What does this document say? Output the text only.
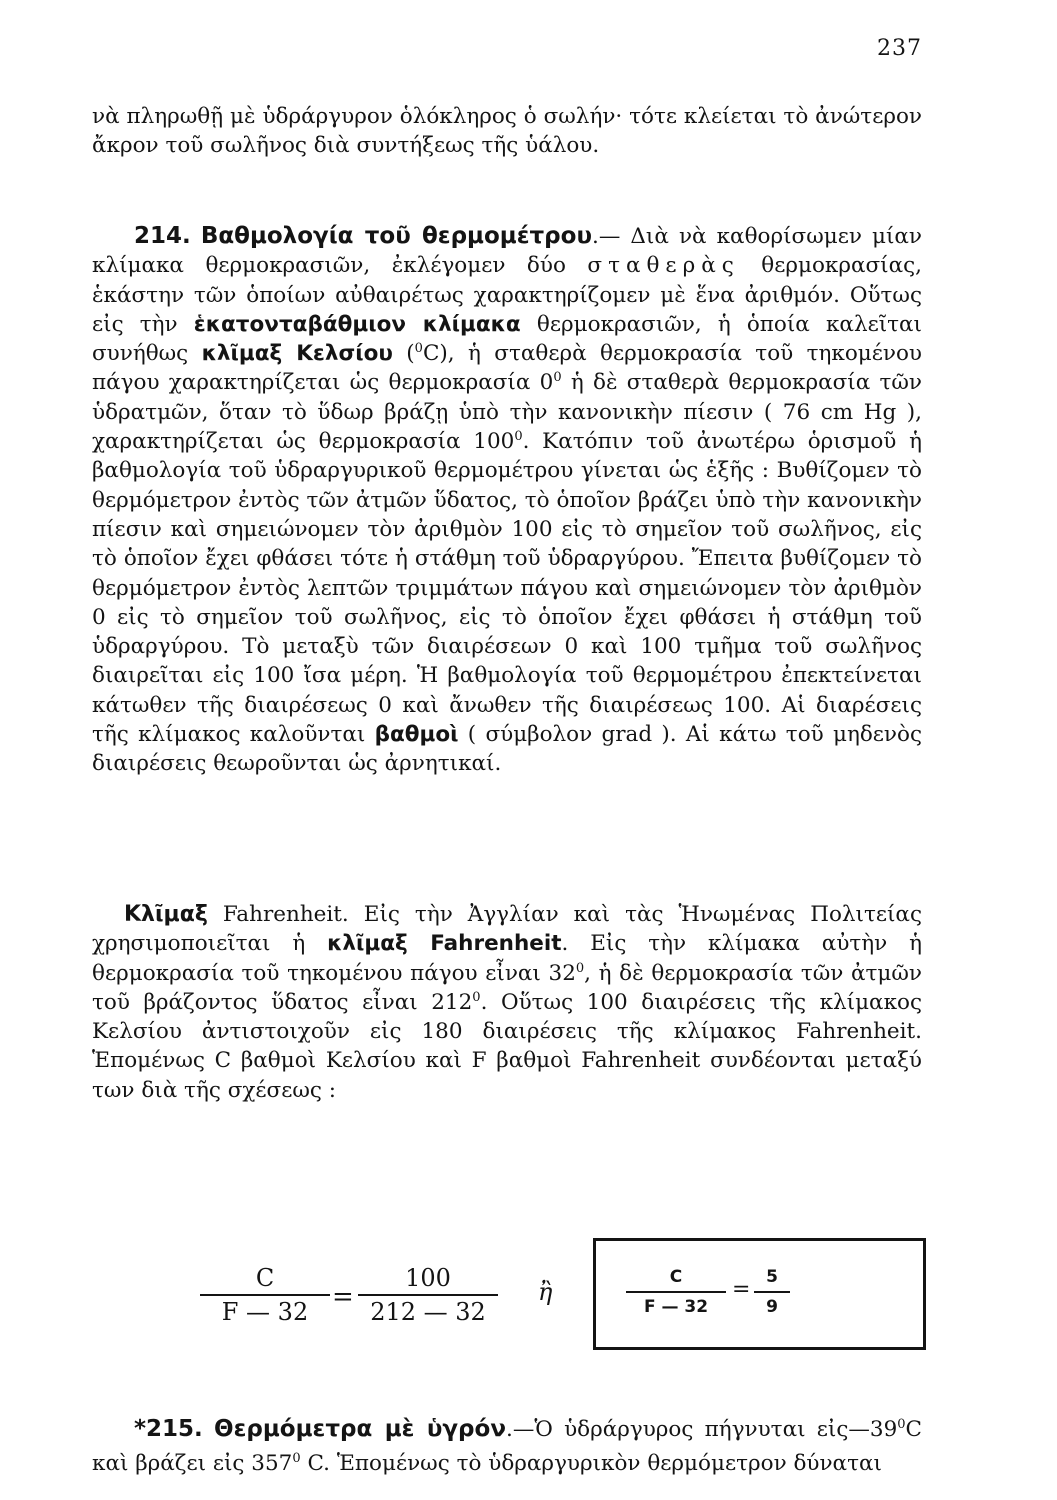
237
νὰ πληρωθῇ μὲ ὑδράργυρον ὁλόκληρος ὁ σωλήν· τότε κλείεται τὸ ἀνώτερον ἄκρον τοῦ σωλῆνος διὰ συντήξεως τῆς ὑάλου.
214. Βαθμολογία τοῦ θερμομέτρου.— Διὰ νὰ καθορίσωμεν μίαν κλίμακα θερμοκρασιῶν, ἐκλέγομεν δύο σταθερὰς θερμοκρασίας, ἑκάστην τῶν ὁποίων αὐθαιρέτως χαρακτηρίζομεν μὲ ἕνα ἀριθμόν. Οὕτως εἰς τὴν ἑκατονταβάθμιον κλίμακα θερμοκρασιῶν, ἡ ὁποία καλεῖται συνήθως κλῖμαξ Κελσίου ($^0$C), ἡ σταθερὰ θερμοκρασία τοῦ τηκομένου πάγου χαρακτηρίζεται ὡς θερμοκρασία $0^0$ ἡ δὲ σταθερὰ θερμοκρασία τῶν ὑδρατμῶν, ὅταν τὸ ὕδωρ βράζῃ ὑπὸ τὴν κανονικὴν πίεσιν ( 76 cm Hg ), χαρακτηρίζεται ὡς θερμοκρασία $100^0$. Κατόπιν τοῦ ἀνωτέρω ὁρισμοῦ ἡ βαθμολογία τοῦ ὑδραργυρικοῦ θερμομέτρου γίνεται ὡς ἑξῆς : Βυθίζομεν τὸ θερμόμετρον ἐντὸς τῶν ἀτμῶν ὕδατος, τὸ ὁποῖον βράζει ὑπὸ τὴν κανονικὴν πίεσιν καὶ σημειώνομεν τὸν ἀριθμὸν 100 εἰς τὸ σημεῖον τοῦ σωλῆνος, εἰς τὸ ὁποῖον ἔχει φθάσει τότε ἡ στάθμη τοῦ ὑδραργύρου. Ἔπειτα βυθίζομεν τὸ θερμόμετρον ἐντὸς λεπτῶν τριμμάτων πάγου καὶ σημειώνομεν τὸν ἀριθμὸν 0 εἰς τὸ σημεῖον τοῦ σωλῆνος, εἰς τὸ ὁποῖον ἔχει φθάσει ἡ στάθμη τοῦ ὑδραργύρου. Τὸ μεταξὺ τῶν διαιρέσεων 0 καὶ 100 τμῆμα τοῦ σωλῆνος διαιρεῖται εἰς 100 ἴσα μέρη. Ἡ βαθμολογία τοῦ θερμομέτρου ἐπεκτείνεται κάτωθεν τῆς διαιρέσεως 0 καὶ ἄνωθεν τῆς διαιρέσεως 100. Αἱ διαρέσεις τῆς κλίμακος καλοῦνται βαθμοὶ ( σύμβολον grad ). Αἱ κάτω τοῦ μηδενὸς διαιρέσεις θεωροῦνται ὡς ἀρνητικαί.
Κλῖμαξ Fahrenheit. Εἰς τὴν Ἀγγλίαν καὶ τὰς Ἡνωμένας Πολιτείας χρησιμοποιεῖται ἡ κλῖμαξ Fahrenheit. Εἰς τὴν κλίμακα αὐτὴν ἡ θερμοκρασία τοῦ τηκομένου πάγου εἶναι $32^0$, ἡ δὲ θερμοκρασία τῶν ἀτμῶν τοῦ βράζοντος ὕδατος εἶναι $212^0$. Οὕτως 100 διαιρέσεις τῆς κλίμακος Κελσίου ἀντιστοιχοῦν εἰς 180 διαιρέσεις τῆς κλίμακος Fahrenheit. Ἑπομένως C βαθμοὶ Κελσίου καὶ F βαθμοὶ Fahrenheit συνδέονται μεταξύ των διὰ τῆς σχέσεως :
C
F — 32 =
100
212 — 32
ἢ
C
F — 32
= 5
9
*215. Θερμόμετρα μὲ ὑγρόν.—Ὁ ὑδράργυρος πήγνυται $\varepsilon ἰ\varsigma—39^0C$ καὶ βράζει εἰς $357^0$ C. Ἑπομένως τὸ ὑδραργυρικὸν θερμόμετρον δύναται
